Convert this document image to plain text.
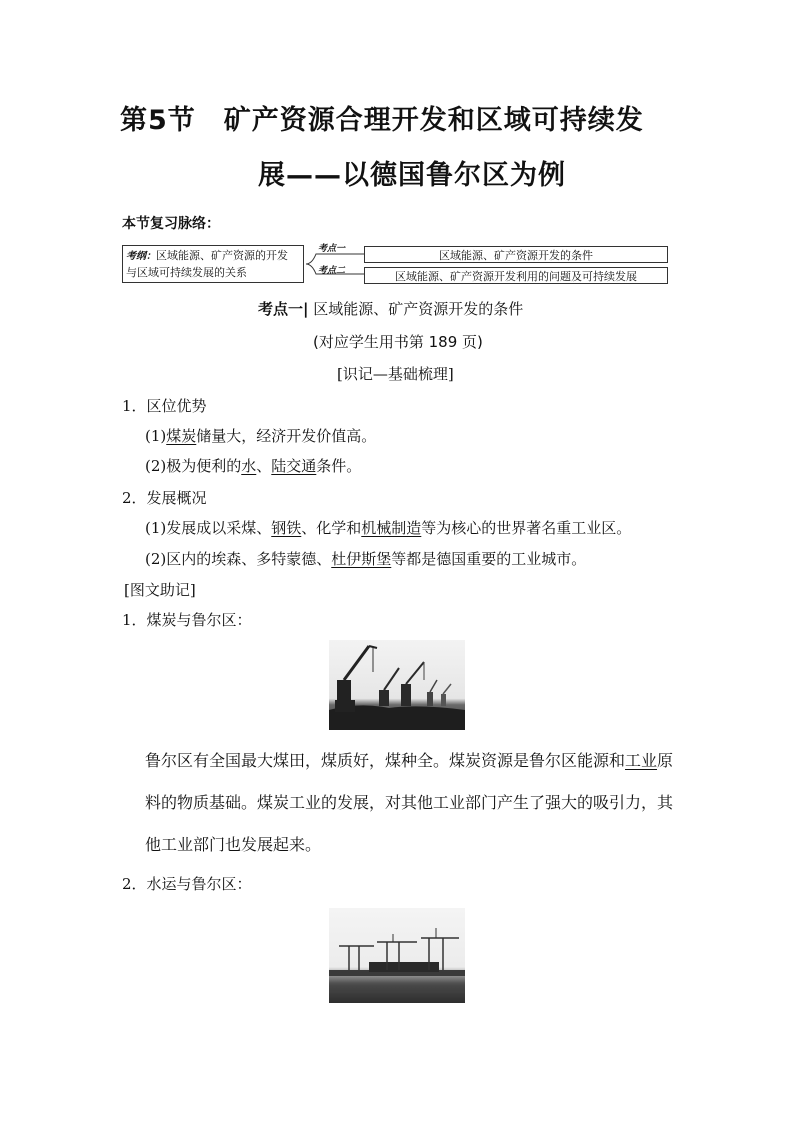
第5节　矿产资源合理开发和区域可持续发
展——以德国鲁尔区为例
本节复习脉络：
考纲：区域能源、矿产资源的开发
与区域可持续发展的关系
考点一
考点二
区域能源、矿产资源开发的条件
区域能源、矿产资源开发利用的问题及可持续发展
考点一| 区域能源、矿产资源开发的条件
(对应学生用书第 189 页)
[识记—基础梳理]
1．区位优势
(1)煤炭储量大，经济开发价值高。
(2)极为便利的水、陆交通条件。
2．发展概况
(1)发展成以采煤、钢铁、化学和机械制造等为核心的世界著名重工业区。
(2)区内的埃森、多特蒙德、杜伊斯堡等都是德国重要的工业城市。
[图文助记]
1．煤炭与鲁尔区：
鲁尔区有全国最大煤田，煤质好，煤种全。煤炭资源是鲁尔区能源和工业原
料的物质基础。煤炭工业的发展，对其他工业部门产生了强大的吸引力，其
他工业部门也发展起来。
2．水运与鲁尔区：
